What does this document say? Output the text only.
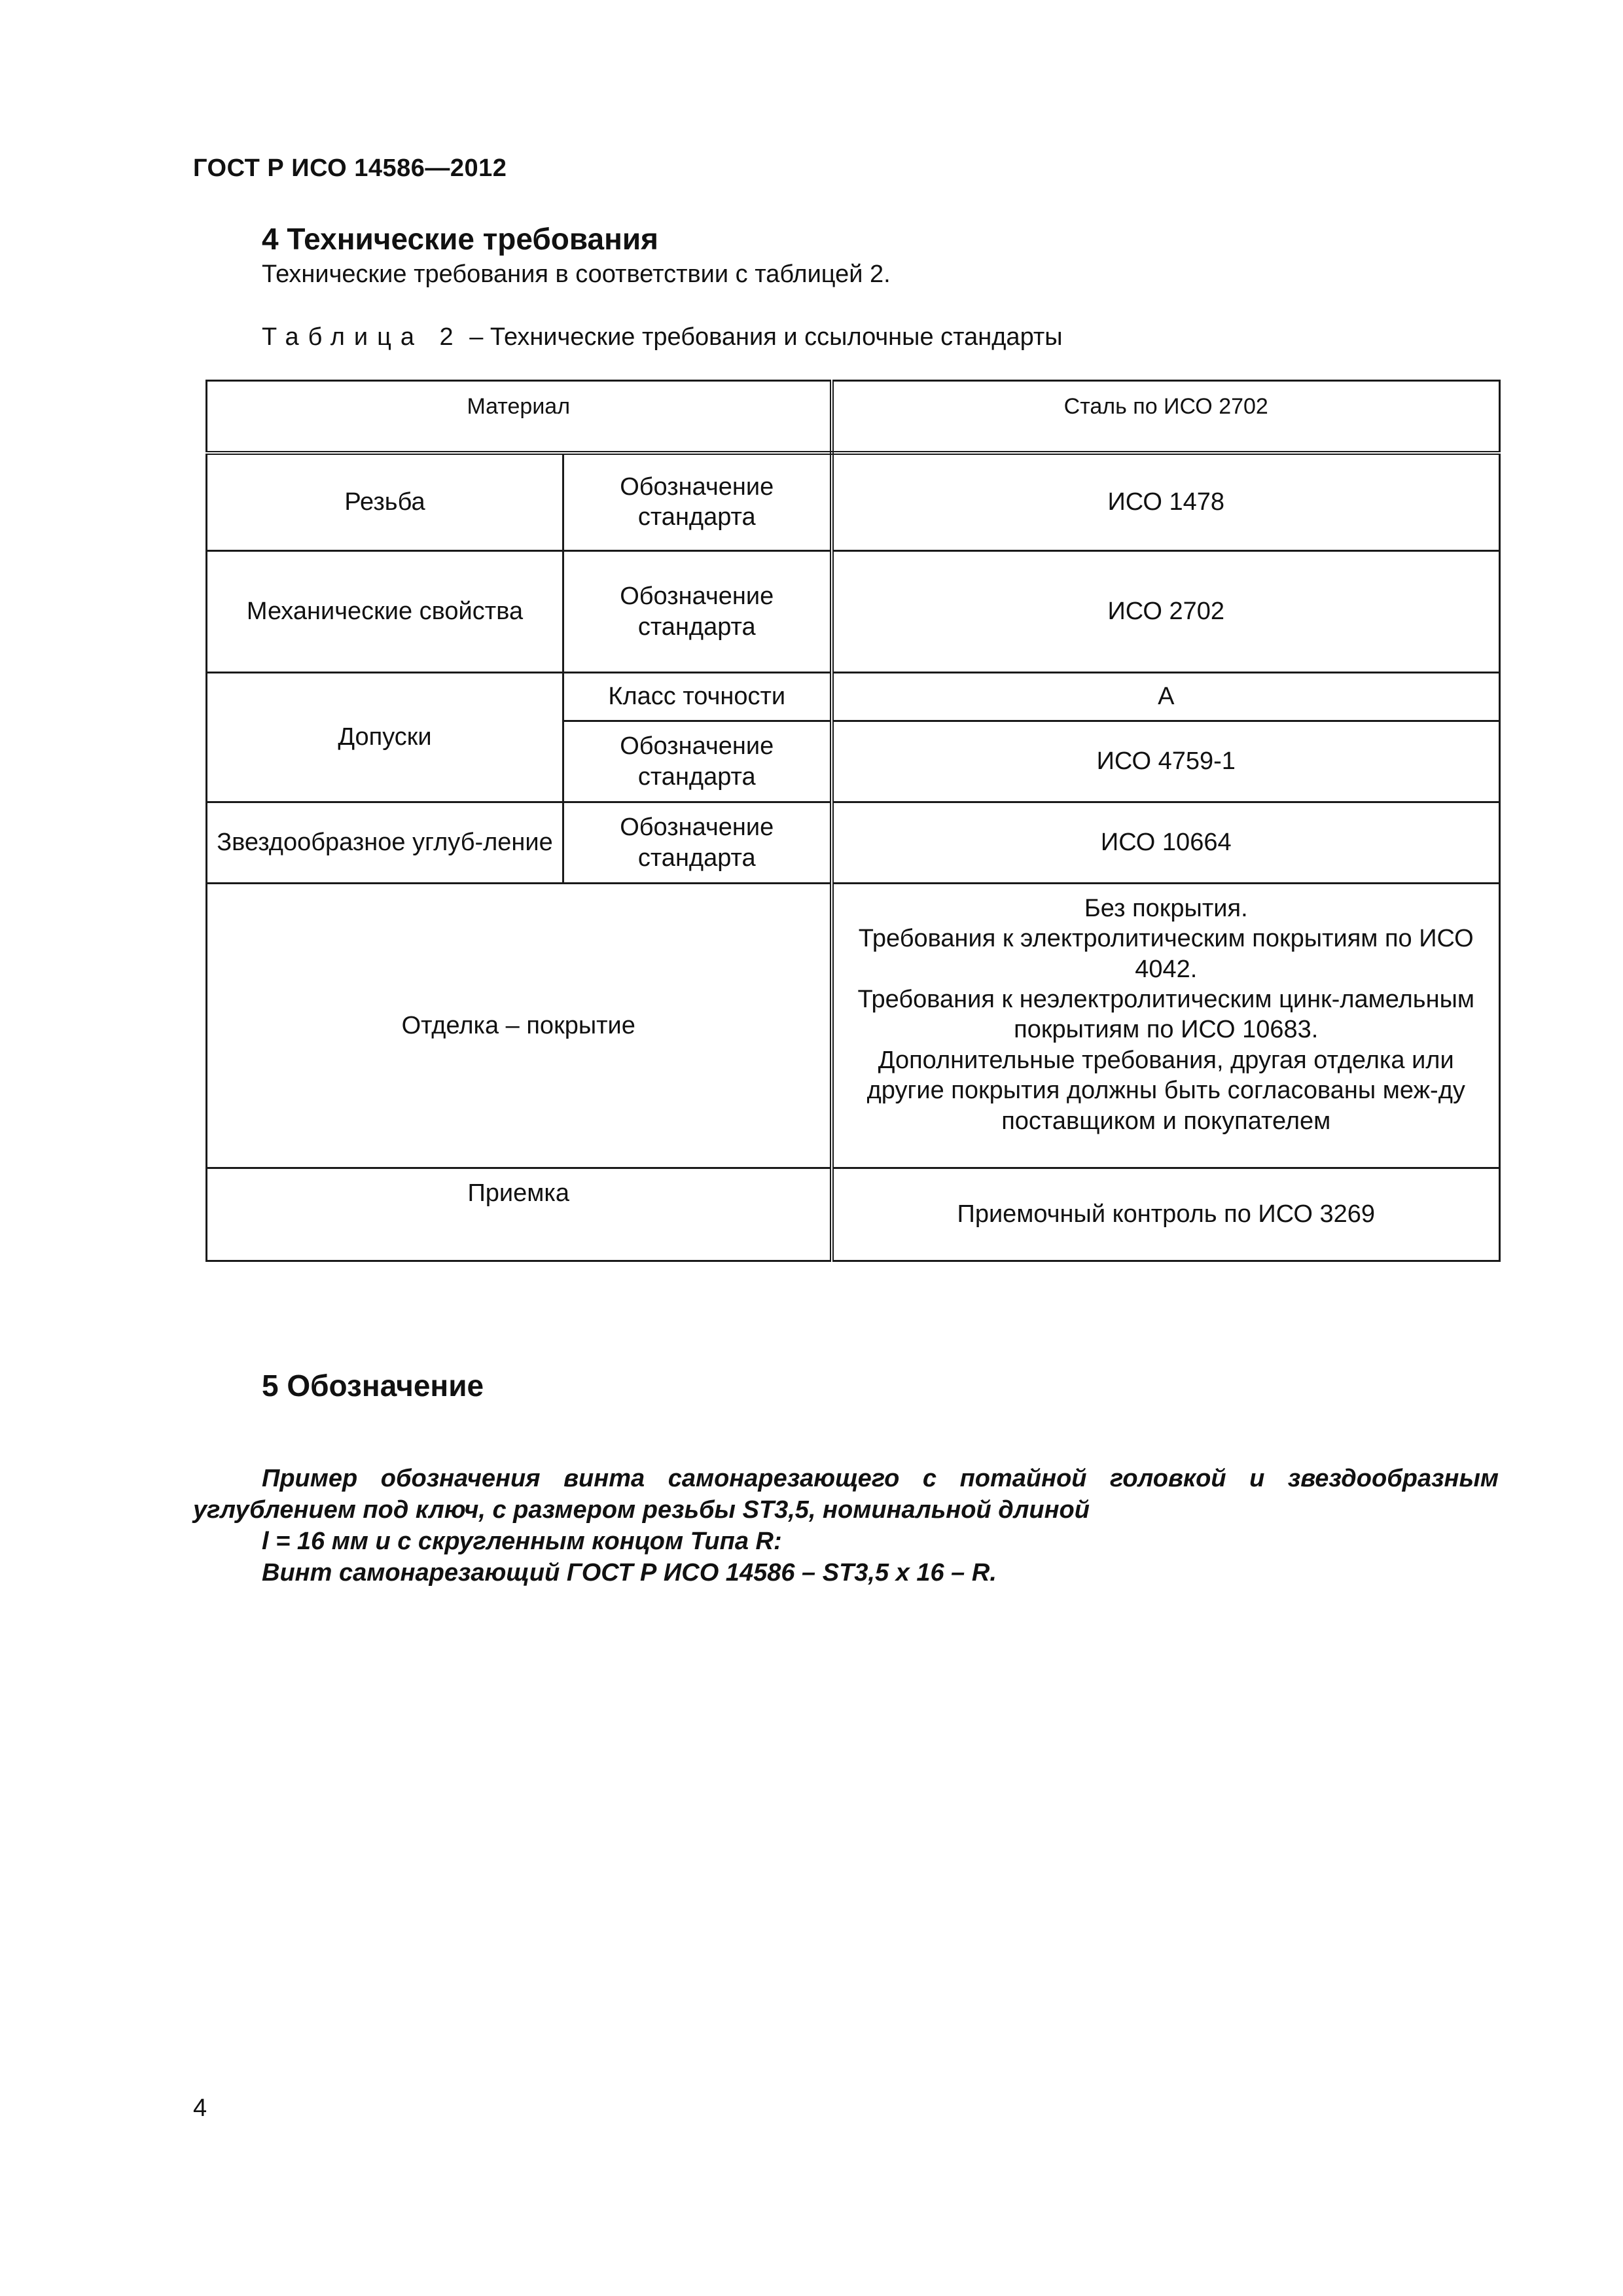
ГОСТ Р ИСО 14586—2012
4 Технические требования
Технические требования в соответствии с таблицей 2.
Таблица 2 – Технические требования и ссылочные стандарты
Материал		Сталь по ИСО 2702
Резьба	Обозначение стандарта	ИСО 1478
Механические свойства	Обозначение стандарта	ИСО 2702
Допуски	Класс точности	A
	Обозначение стандарта	ИСО 4759-1
Звездообразное углуб-ление	Обозначение стандарта	ИСО 10664
Отделка – покрытие		Без покрытия.

Требования к электролитическим покрытиям по ИСО 4042.

Требования к неэлектролитическим цинк-ламельным покрытиям по ИСО 10683.

Дополнительные требования, другая отделка или другие покрытия должны быть согласованы меж-ду поставщиком и покупателем

Приемка		Приемочный контроль по ИСО 3269
5 Обозначение

Пример обозначения винта самонарезающего с потайной головкой и звездообразным углублением под ключ, с размером резьбы ST3,5, номинальной длиной

l = 16 мм и с скругленным концом Типа R:

Винт самонарезающий ГОСТ Р ИСО 14586 – ST3,5 x 16 – R.

4
